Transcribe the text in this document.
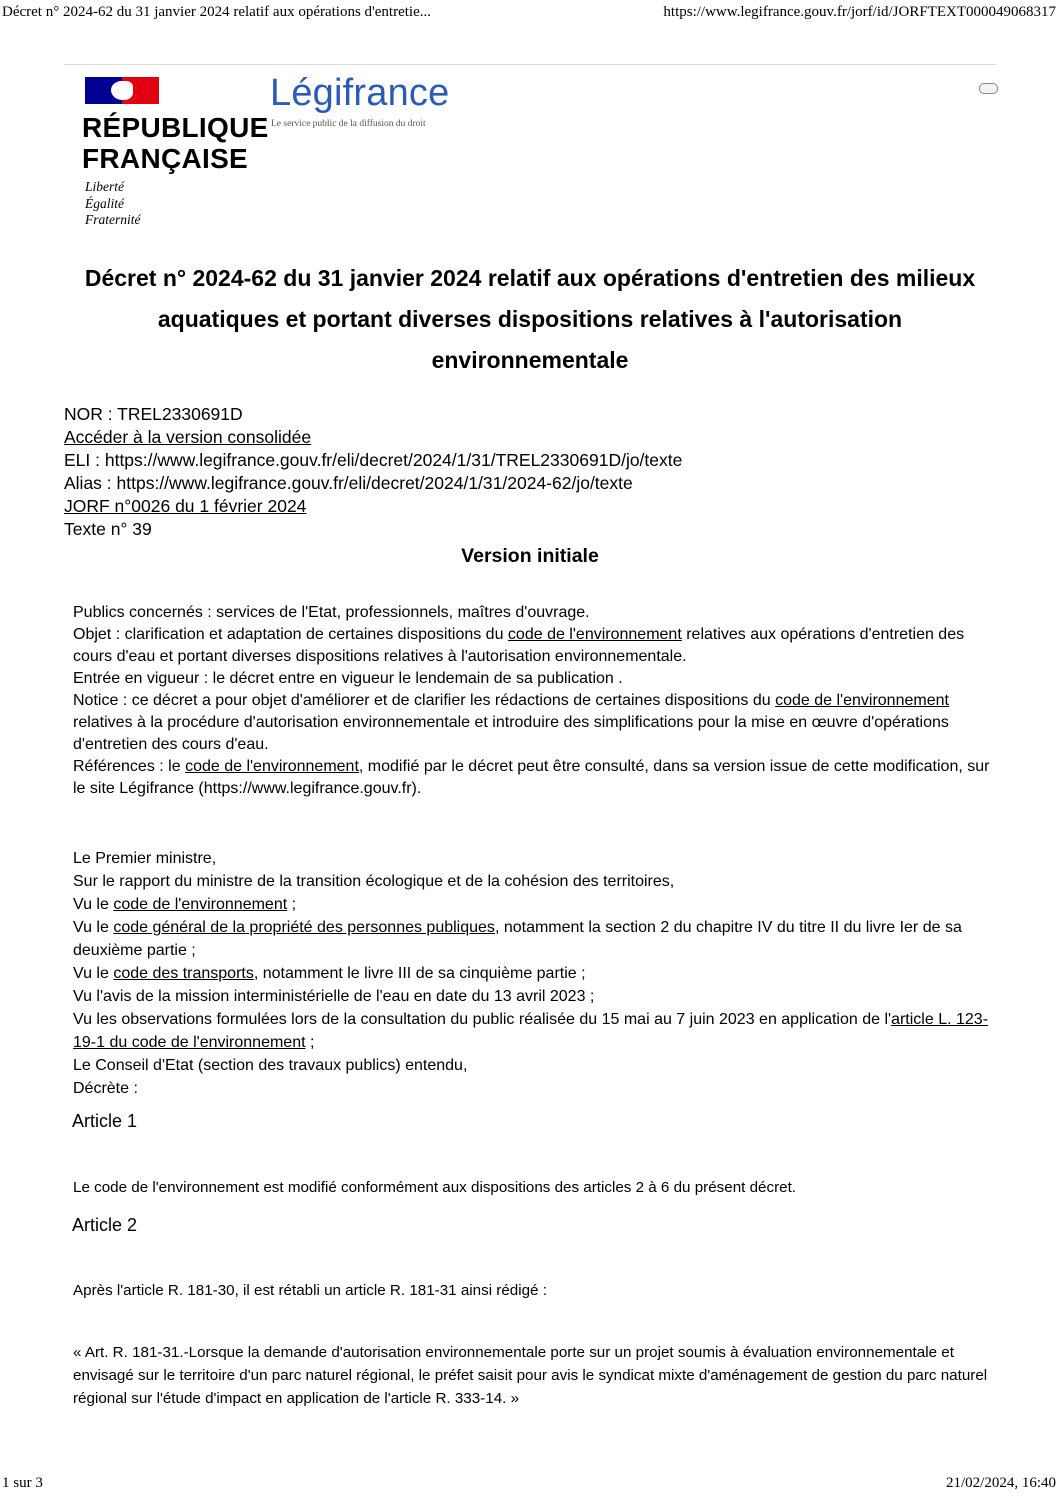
Décret n° 2024-62 du 31 janvier 2024 relatif aux opérations d'entretie...	https://www.legifrance.gouv.fr/jorf/id/JORFTEXT000049068317
RÉPUBLIQUE
FRANÇAISE
Liberté
Égalité
Fraternité
Légifrance
Le service public de la diffusion du droit
Décret n° 2024-62 du 31 janvier 2024 relatif aux opérations d'entretien des milieux aquatiques et portant diverses dispositions relatives à l'autorisation environnementale
NOR : TREL2330691D
Accéder à la version consolidée
ELI : https://www.legifrance.gouv.fr/eli/decret/2024/1/31/TREL2330691D/jo/texte
Alias : https://www.legifrance.gouv.fr/eli/decret/2024/1/31/2024-62/jo/texte
JORF n°0026 du 1 février 2024
Texte n° 39
Version initiale
Publics concernés : services de l'Etat, professionnels, maîtres d'ouvrage.
Objet : clarification et adaptation de certaines dispositions du code de l'environnement relatives aux opérations d'entretien des cours d'eau et portant diverses dispositions relatives à l'autorisation environnementale.
Entrée en vigueur : le décret entre en vigueur le lendemain de sa publication .
Notice : ce décret a pour objet d'améliorer et de clarifier les rédactions de certaines dispositions du code de l'environnement relatives à la procédure d'autorisation environnementale et introduire des simplifications pour la mise en œuvre d'opérations d'entretien des cours d'eau.
Références : le code de l'environnement, modifié par le décret peut être consulté, dans sa version issue de cette modification, sur le site Légifrance (https://www.legifrance.gouv.fr).
Le Premier ministre,
Sur le rapport du ministre de la transition écologique et de la cohésion des territoires,
Vu le code de l'environnement ;
Vu le code général de la propriété des personnes publiques, notamment la section 2 du chapitre IV du titre II du livre Ier de sa deuxième partie ;
Vu le code des transports, notamment le livre III de sa cinquième partie ;
Vu l'avis de la mission interministérielle de l'eau en date du 13 avril 2023 ;
Vu les observations formulées lors de la consultation du public réalisée du 15 mai au 7 juin 2023 en application de l'article L. 123-19-1 du code de l'environnement ;
Le Conseil d'Etat (section des travaux publics) entendu,
Décrète :
Article 1
Le code de l'environnement est modifié conformément aux dispositions des articles 2 à 6 du présent décret.
Article 2
Après l'article R. 181-30, il est rétabli un article R. 181-31 ainsi rédigé :
« Art. R. 181-31.-Lorsque la demande d'autorisation environnementale porte sur un projet soumis à évaluation environnementale et envisagé sur le territoire d'un parc naturel régional, le préfet saisit pour avis le syndicat mixte d'aménagement de gestion du parc naturel régional sur l'étude d'impact en application de l'article R. 333-14. »
1 sur 3	21/02/2024, 16:40
